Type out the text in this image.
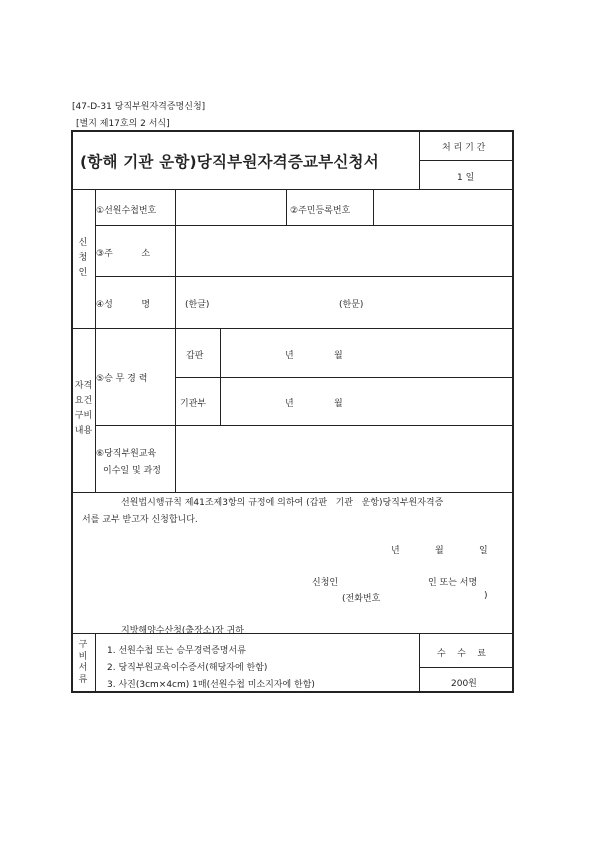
[47-D-31 당직부원자격증명신청]
[별지 제17호의 2 서식]
(항해 기관 운항)당직부원자격증교부신청서
처 리 기 간
1 일
신청인
①선원수첩번호	②주민등록번호
③주          소
④성          명	(한글)	(한문)
자격요건구비내용
⑤승 무 경 력
갑판	년	월
기관부	년	월
⑥당직부원교육
이수일 및 과정
선원법시행규칙 제41조제3항의 규정에 의하여 (갑판   기관   운항)당직부원자격증
서를 교부 받고자 신청합니다.
년	월	일
신청인	인 또는 서명
(전화번호	)
지방해양수산청(출장소)장 귀하
구비서류
1. 선원수첩 또는 승무경력증명서류
2. 당직부원교육이수증서(해당자에 한함)
3. 사진(3cm×4cm) 1매(선원수첩 미소지자에 한함)
수    수    료
200원
